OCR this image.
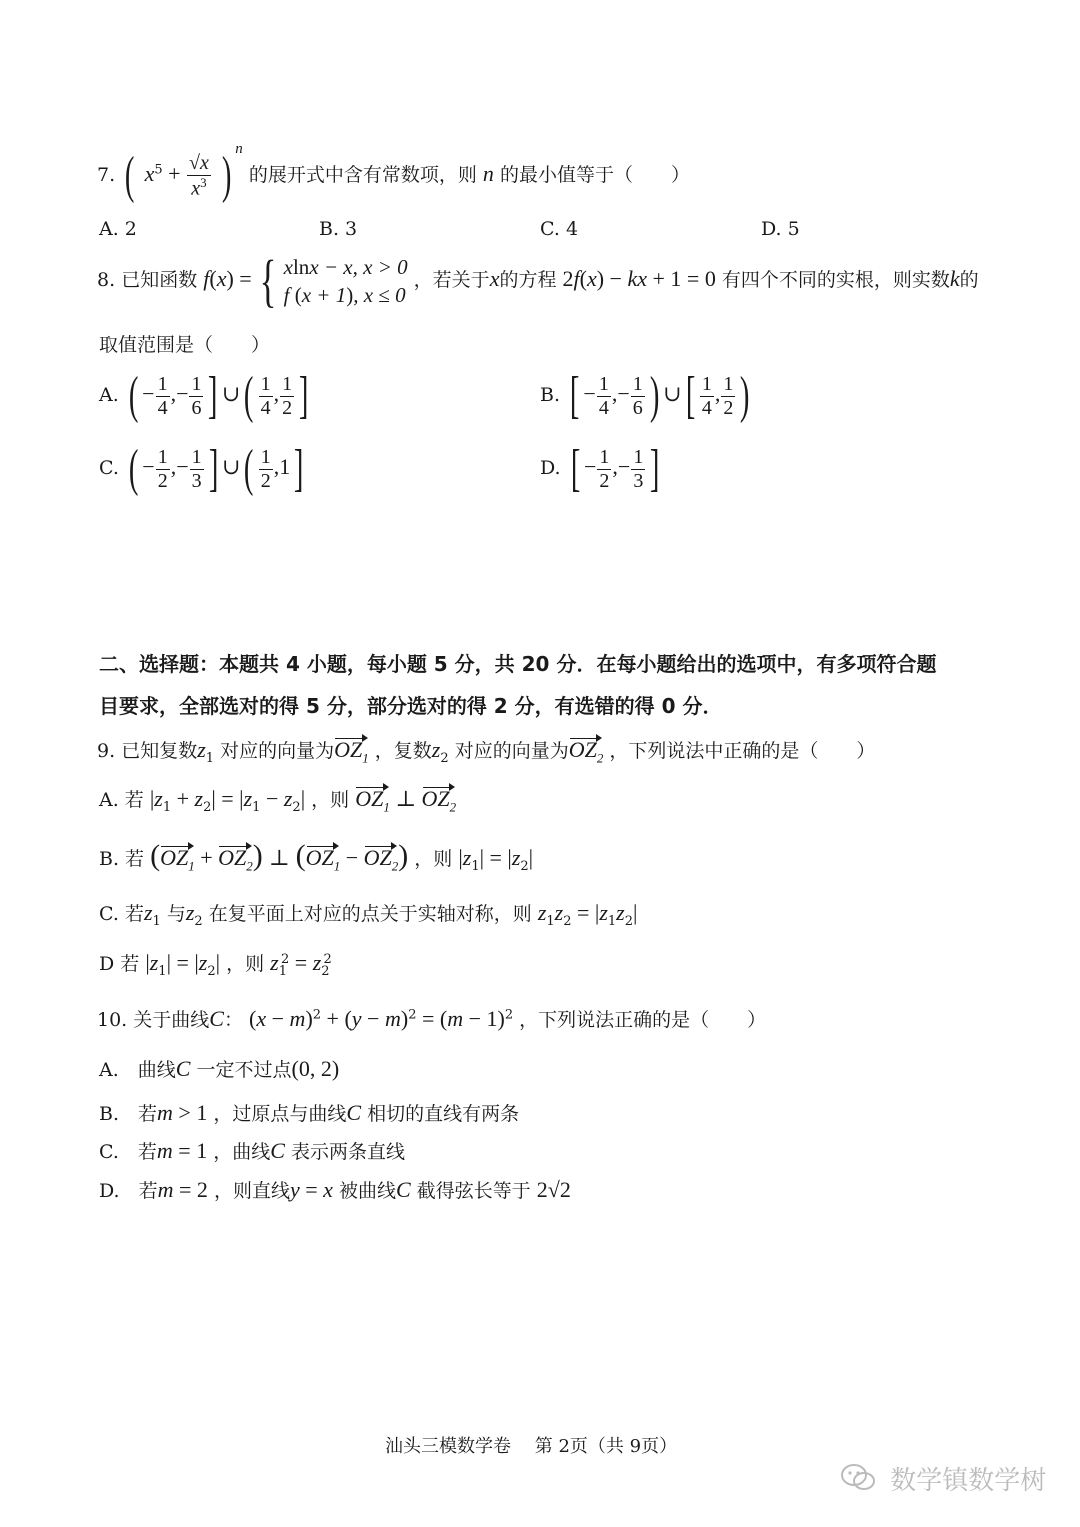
7. ( $x^5 + \frac{√x}{x^3}$ ) $^n$ 的展开式中含有常数项，则 n 的最小值等于（　　）
A. 2	B. 3	C. 4	D. 5
8. 已知函数 f(x) = { xlnx − x, x > 0
f (x + 1), x ≤ 0
，若关于x的方程 2f(x) − kx + 1 = 0 有四个不同的实根，则实数k的
取值范围是（　　）
A. ( − $\frac{1}{4}$ ,− $\frac{1}{6}$ ] ∪( $\frac{1}{4}$ , $\frac{1}{2}$ ]	B. [ − $\frac{1}{4}$ ,− $\frac{1}{6}$ ) ∪[ $\frac{1}{4}$ , $\frac{1}{2}$ )
C. ( − $\frac{1}{2}$ ,− $\frac{1}{3}$ ] ∪( $\frac{1}{2} ,1$]	D. [ − $\frac{1}{2}$ ,− $\frac{1}{3}$ ]
二、选择题：本题共 4 小题，每小题 5 分，共 20 分．在每小题给出的选项中，有多项符合题
目要求，全部选对的得 5 分，部分选对的得 2 分，有选错的得 0 分．
9. 已知复数$z_1$ 对应的向量为$OZ_1$ ，复数$z_2$ 对应的向量为$OZ_2$ ，下列说法中正确的是（　　）
A. 若 $|z_1 + z_2| = |z_1 - z_2|$ ，则 $OZ_1$ ⊥ $OZ_2$
B. 若 $(OZ_1 + OZ_2)$ ⊥ $(OZ_1 - OZ_2)$ ，则 $|z_1| = |z_2|$
C. 若$z_1$ 与$z_2$ 在复平面上对应的点关于实轴对称，则 $z_1z_2 = |z_1z_2|$
D 若 $|z_1| = |z_2|$ ，则 $z_1^2 = z_2^2$
10. 关于曲线C： $(x - m)^2 + (y - m)^2 = (m - 1)^2$ ，下列说法正确的是（　　）
A.　曲线C 一定不过点(0, 2)
B.　若m > 1 ，过原点与曲线C 相切的直线有两条
C.　若m = 1 ，曲线C 表示两条直线
D.　若m = 2 ，则直线y = x 被曲线C 截得弦长等于 2√2
汕头三模数学卷　 第 2页（共 9页）
数学镇数学树
